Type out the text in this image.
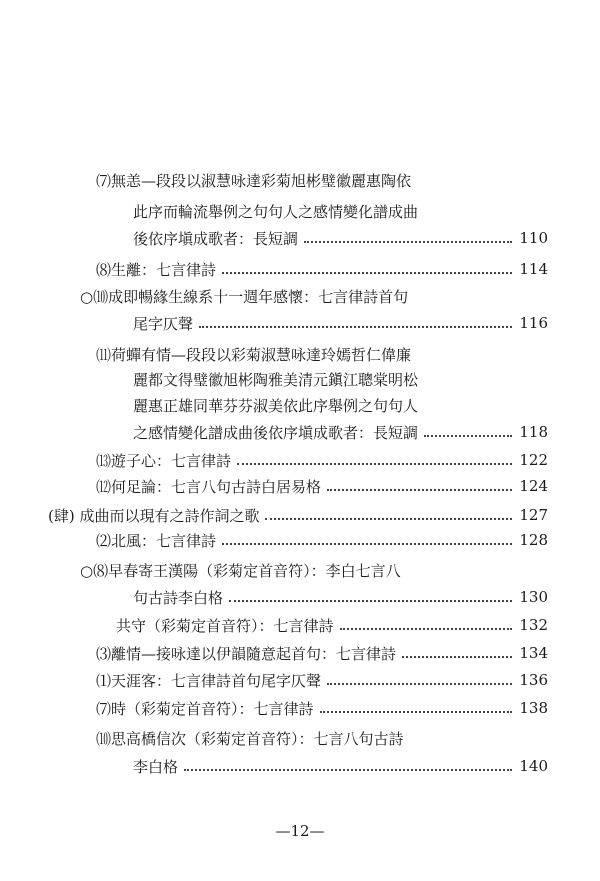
⑺無恙—段段以淑慧咏達彩菊旭彬璧徽麗惠陶依
此序而輪流舉例之句句人之感情變化譜成曲
後依序塡成歌者：長短調	110
⑻生離：七言律詩	114
○⑽成即暢緣生線系十一週年感懷：七言律詩首句
尾字仄聲	116
⑾荷蟬有情—段段以彩菊淑慧咏達玲嫣哲仁偉廉
麗都文得璧徽旭彬陶雅美清元鎭江聰棠明松
麗惠正雄同華芬芬淑美依此序舉例之句句人
之感情變化譜成曲後依序塡成歌者：長短調	118
⒀遊子心：七言律詩	122
⑿何足論：七言八句古詩白居易格	124
(肆) 成曲而以現有之詩作詞之歌	127
⑵北風：七言律詩	128
○⑻早春寄王漢陽（彩菊定首音符）：李白七言八
句古詩李白格	130
共守（彩菊定首音符）：七言律詩	132
⑶離情—接咏達以伊韻隨意起首句：七言律詩	134
⑴天涯客：七言律詩首句尾字仄聲	136
⑺時（彩菊定首音符）：七言律詩	138
⑽思高橋信次（彩菊定首音符）：七言八句古詩
李白格	140
—12—
